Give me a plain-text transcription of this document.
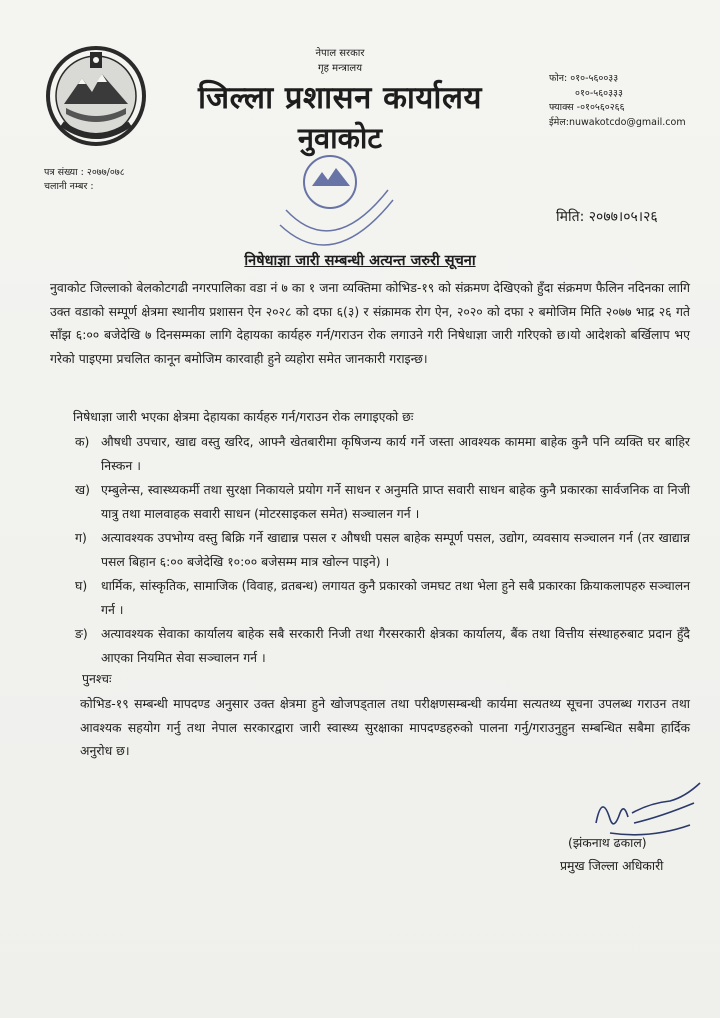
नेपाल सरकार
गृह मन्त्रालय
जिल्ला प्रशासन कार्यालय
नुवाकोट
फोन: ०१०-५६००३३
०१०-५६०३३३
फ्याक्स -०१०५६०२६६
ईमेल:nuwakotcdo@gmail.com
पत्र संख्या : २०७७/०७८
चलानी नम्बर :
मिति: २०७७।०५।२६
निषेधाज्ञा जारी सम्बन्धी अत्यन्त जरुरी सूचना
नुवाकोट जिल्लाको बेलकोटगढी नगरपालिका वडा नं ७ का १ जना व्यक्तिमा कोभिड-१९ को संक्रमण देखिएको हुँदा संक्रमण फैलिन नदिनका लागि उक्त वडाको सम्पूर्ण क्षेत्रमा स्थानीय प्रशासन ऐन २०२८ को दफा ६(३) र संक्रामक रोग ऐन, २०२० को दफा २ बमोजिम मिति २०७७ भाद्र २६ गते साँझ ६:०० बजेदेखि ७ दिनसम्मका लागि देहायका कार्यहरु गर्न/गराउन रोक लगाउने गरी निषेधाज्ञा जारी गरिएको छ।यो आदेशको बर्खिलाप भए गरेको पाइएमा प्रचलित कानून बमोजिम कारवाही हुने व्यहोरा समेत जानकारी गराइन्छ।
निषेधाज्ञा जारी भएका क्षेत्रमा देहायका कार्यहरु गर्न/गराउन रोक लगाइएको छः
क) औषधी उपचार, खाद्य वस्तु खरिद, आफ्नै खेतबारीमा कृषिजन्य कार्य गर्ने जस्ता आवश्यक काममा बाहेक कुनै पनि व्यक्ति घर बाहिर निस्कन ।
ख) एम्बुलेन्स, स्वास्थ्यकर्मी तथा सुरक्षा निकायले प्रयोग गर्ने साधन र अनुमति प्राप्त सवारी साधन बाहेक कुनै प्रकारका सार्वजनिक वा निजी यात्रु तथा मालवाहक सवारी साधन (मोटरसाइकल समेत) सञ्चालन गर्न ।
ग)	अत्यावश्यक उपभोग्य वस्तु बिक्रि गर्ने खाद्यान्न पसल र औषधी पसल बाहेक सम्पूर्ण पसल, उद्योग, व्यवसाय सञ्चालन गर्न (तर खाद्यान्न पसल बिहान ६:०० बजेदेखि १०:०० बजेसम्म मात्र खोल्न पाइने) ।
घ)	धार्मिक, सांस्कृतिक, सामाजिक (विवाह, व्रतबन्ध) लगायत कुनै प्रकारको जमघट तथा भेला हुने सबै प्रकारका क्रियाकलापहरु सञ्चालन गर्न ।
ङ)	अत्यावश्यक सेवाका कार्यालय बाहेक सबै सरकारी निजी तथा गैरसरकारी क्षेत्रका कार्यालय, बैंक तथा वित्तीय संस्थाहरुबाट प्रदान हुँदै आएका नियमित सेवा सञ्चालन गर्न ।
पुनश्चः
कोभिड-१९ सम्बन्धी मापदण्ड अनुसार उक्त क्षेत्रमा हुने खोजपड्ताल तथा परीक्षणसम्बन्धी कार्यमा सत्यतथ्य सूचना उपलब्ध गराउन तथा आवश्यक सहयोग गर्नु तथा नेपाल सरकारद्वारा जारी स्वास्थ्य सुरक्षाका मापदण्डहरुको पालना गर्नु/गराउनुहुन सम्बन्धित सबैमा हार्दिक अनुरोध छ।
(झंकनाथ ढकाल)
प्रमुख जिल्ला अधिकारी
